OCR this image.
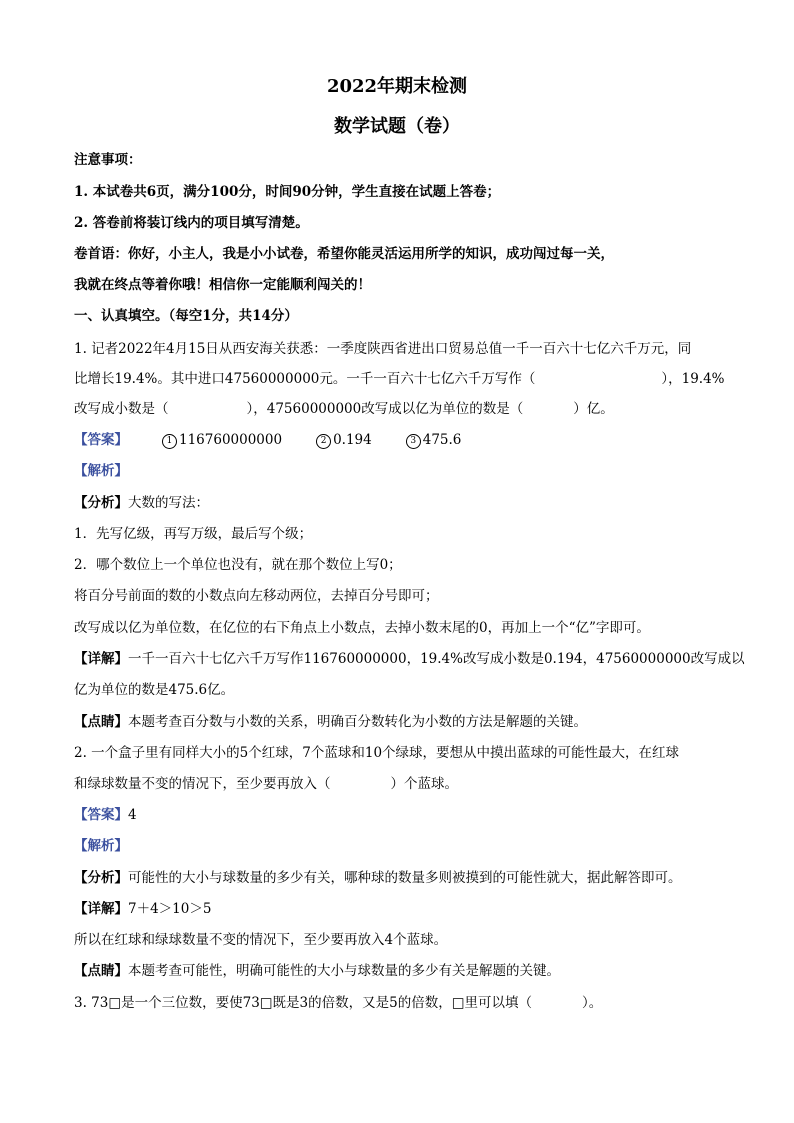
2022年期末检测
数学试题（卷）
注意事项：
1. 本试卷共6页，满分100分，时间90分钟，学生直接在试题上答卷；
2. 答卷前将装订线内的项目填写清楚。
卷首语：你好，小主人，我是小小试卷，希望你能灵活运用所学的知识，成功闯过每一关，
我就在终点等着你哦！相信你一定能顺利闯关的！
一、认真填空。（每空1分，共14分）
1. 记者2022年4月15日从西安海关获悉：一季度陕西省进出口贸易总值一千一百六十七亿六千万元，同
比增长19.4%。其中进口47560000000元。一千一百六十七亿六千万写作（	），19.4%
改写成小数是（	），47560000000改写成以亿为单位的数是（	）亿。
【答案】	1 116760000000	2 0.194	3 475.6
【解析】
【分析】大数的写法：
1．先写亿级，再写万级，最后写个级；
2．哪个数位上一个单位也没有，就在那个数位上写0；
将百分号前面的数的小数点向左移动两位，去掉百分号即可；
改写成以亿为单位数，在亿位的右下角点上小数点，去掉小数末尾的0，再加上一个“亿”字即可。
【详解】一千一百六十七亿六千万写作116760000000，19.4%改写成小数是0.194，47560000000改写成以
亿为单位的数是475.6亿。
【点睛】本题考查百分数与小数的关系，明确百分数转化为小数的方法是解题的关键。
2. 一个盒子里有同样大小的5个红球，7个蓝球和10个绿球，要想从中摸出蓝球的可能性最大，在红球
和绿球数量不变的情况下，至少要再放入（	）个蓝球。
【答案】4
【解析】
【分析】可能性的大小与球数量的多少有关，哪种球的数量多则被摸到的可能性就大，据此解答即可。
【详解】7＋4＞10＞5
所以在红球和绿球数量不变的情况下，至少要再放入4个蓝球。
【点睛】本题考查可能性，明确可能性的大小与球数量的多少有关是解题的关键。
3. 73□是一个三位数，要使73□既是3的倍数，又是5的倍数，□里可以填（	）。
